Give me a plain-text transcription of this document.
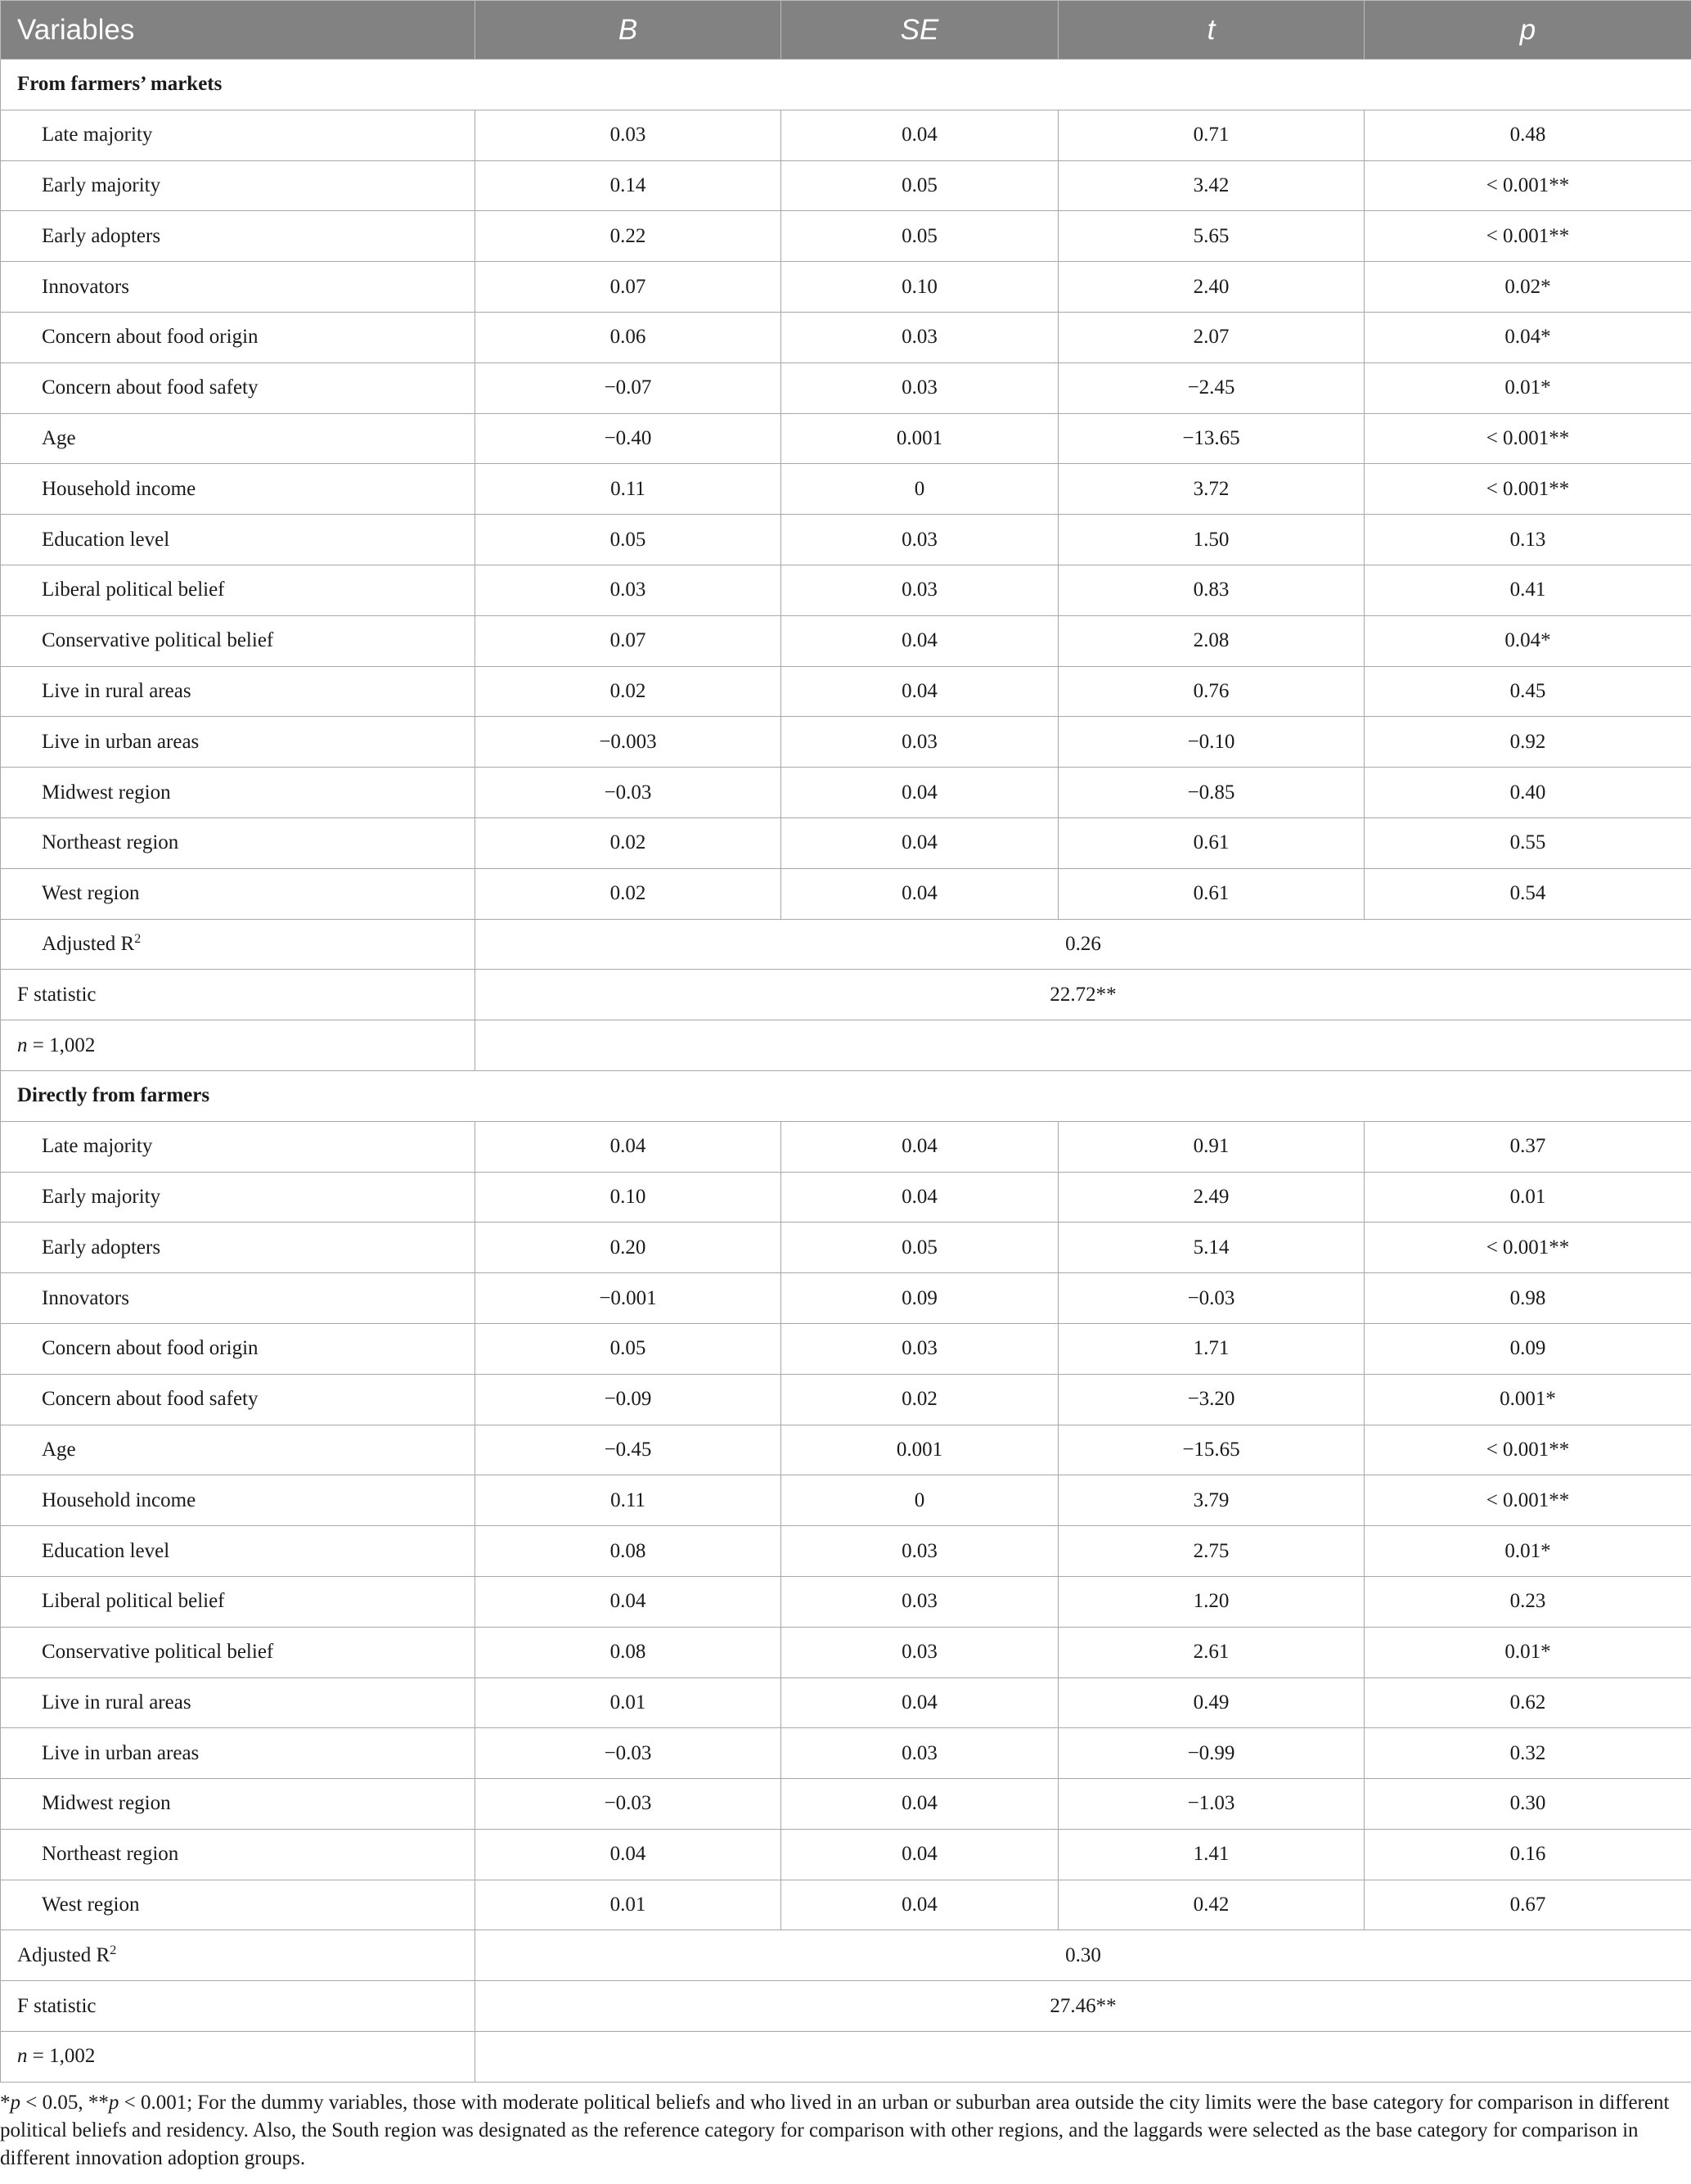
Variables	B	SE	t	p
From farmers’ markets				
Late majority	0.03	0.04	0.71	0.48
Early majority	0.14	0.05	3.42	< 0.001**
Early adopters	0.22	0.05	5.65	< 0.001**
Innovators	0.07	0.10	2.40	0.02*
Concern about food origin	0.06	0.03	2.07	0.04*
Concern about food safety	−0.07	0.03	−2.45	0.01*
Age	−0.40	0.001	−13.65	< 0.001**
Household income	0.11	0	3.72	< 0.001**
Education level	0.05	0.03	1.50	0.13
Liberal political belief	0.03	0.03	0.83	0.41
Conservative political belief	0.07	0.04	2.08	0.04*
Live in rural areas	0.02	0.04	0.76	0.45
Live in urban areas	−0.003	0.03	−0.10	0.92
Midwest region	−0.03	0.04	−0.85	0.40
Northeast region	0.02	0.04	0.61	0.55
West region	0.02	0.04	0.61	0.54
Adjusted $R^2$	0.26			
F statistic	22.72**			
n = 1,002				
Directly from farmers				
Late majority	0.04	0.04	0.91	0.37
Early majority	0.10	0.04	2.49	0.01
Early adopters	0.20	0.05	5.14	< 0.001**
Innovators	−0.001	0.09	−0.03	0.98
Concern about food origin	0.05	0.03	1.71	0.09
Concern about food safety	−0.09	0.02	−3.20	0.001*
Age	−0.45	0.001	−15.65	< 0.001**
Household income	0.11	0	3.79	< 0.001**
Education level	0.08	0.03	2.75	0.01*
Liberal political belief	0.04	0.03	1.20	0.23
Conservative political belief	0.08	0.03	2.61	0.01*
Live in rural areas	0.01	0.04	0.49	0.62
Live in urban areas	−0.03	0.03	−0.99	0.32
Midwest region	−0.03	0.04	−1.03	0.30
Northeast region	0.04	0.04	1.41	0.16
West region	0.01	0.04	0.42	0.67
Adjusted $R^2$	0.30			
F statistic	27.46**			
n = 1,002				

*p < 0.05, **p < 0.001; For the dummy variables, those with moderate political beliefs and who lived in an urban or suburban area outside the city limits were the base category for comparison in different political beliefs and residency. Also, the South region was designated as the reference category for comparison with other regions, and the laggards were selected as the base category for comparison in different innovation adoption groups.
